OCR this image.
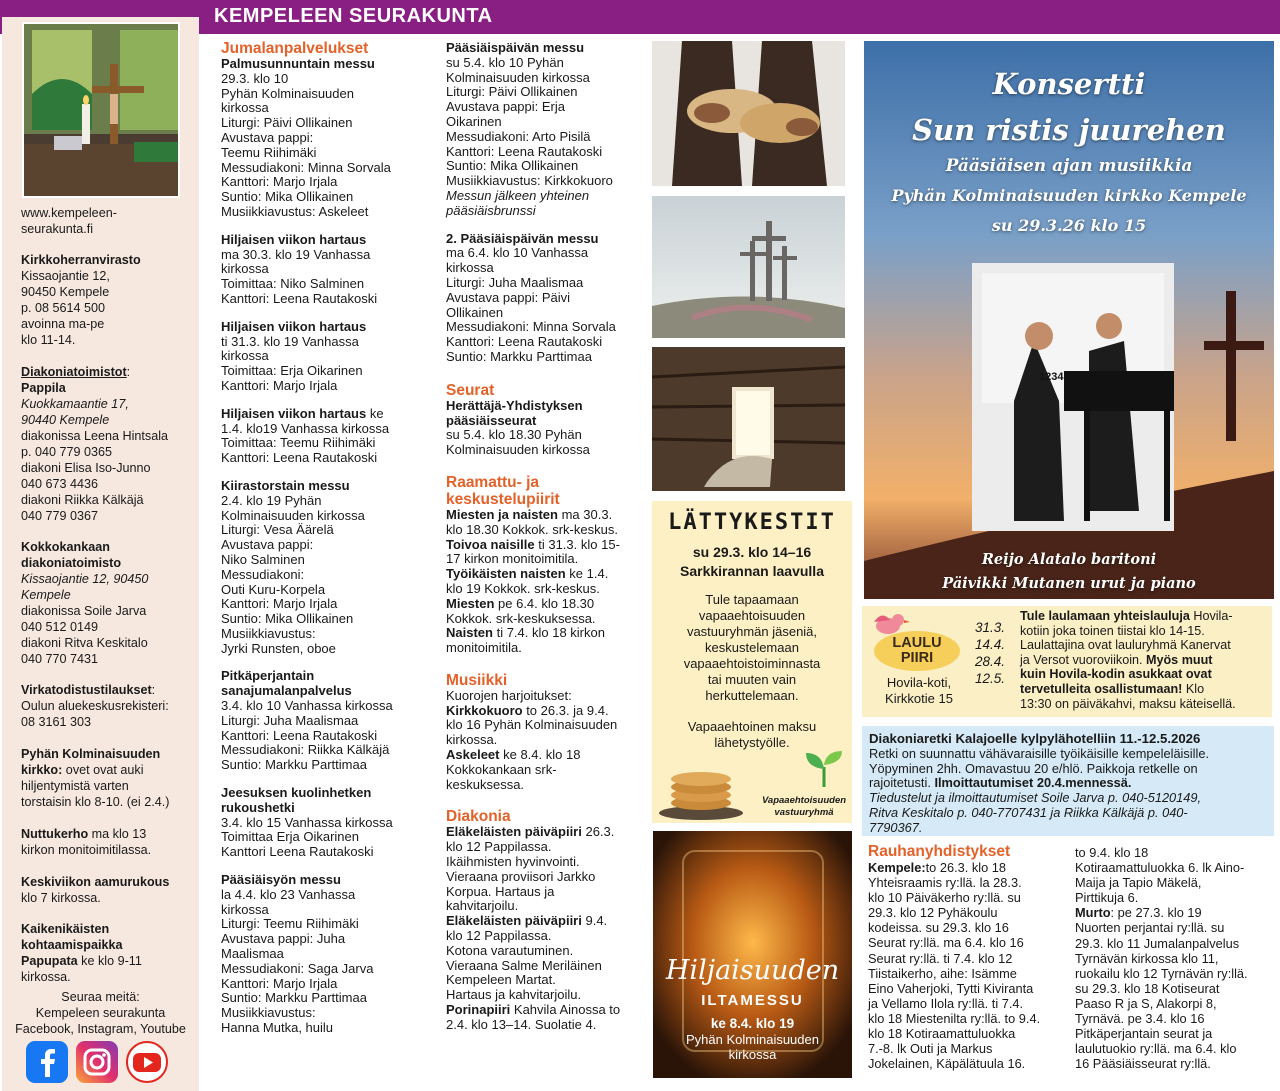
KEMPELEEN SEURAKUNTA
www.kempeleen-
seurakunta.fi
Kirkkoherranvirasto
Kissaojantie 12,
90450 Kempele
p. 08 5614 500
avoinna ma-pe
klo 11-14.
Diakoniatoimistot:
Pappila
Kuokkamaantie 17,
90440 Kempele
diakonissa Leena Hintsala
p. 040 779 0365
diakoni Elisa Iso-Junno
040 673 4436
diakoni Riikka Kälkäjä
040 779 0367
Kokkokankaan
diakoniatoimisto
Kissaojantie 12, 90450
Kempele
diakonissa Soile Jarva
040 512 0149
diakoni Ritva Keskitalo
040 770 7431
Virkatodistustilaukset:
Oulun aluekeskusrekisteri:
08 3161 303
Pyhän Kolminaisuuden
kirkko: ovet ovat auki
hiljentymistä varten
torstaisin klo 8-10. (ei 2.4.)
Nuttukerho ma klo 13
kirkon monitoimitilassa.
Keskiviikon aamurukous
klo 7 kirkossa.
Kaikenikäisten
kohtaamispaikka
Papupata ke klo 9-11
kirkossa.
Seuraa meitä:
Kempeleen seurakunta
Facebook, Instagram, Youtube
Jumalanpalvelukset
Palmusunnuntain messu
29.3. klo 10
Pyhän Kolminaisuuden
kirkossa
Liturgi: Päivi Ollikainen
Avustava pappi:
Teemu Riihimäki
Messudiakoni: Minna Sorvala
Kanttori: Marjo Irjala
Suntio: Mika Ollikainen
Musiikkiavustus: Askeleet
Hiljaisen viikon hartaus
ma 30.3. klo 19 Vanhassa
kirkossa
Toimittaa: Niko Salminen
Kanttori: Leena Rautakoski
Hiljaisen viikon hartaus
ti 31.3. klo 19 Vanhassa
kirkossa
Toimittaa: Erja Oikarinen
Kanttori: Marjo Irjala
Hiljaisen viikon hartaus ke
1.4. klo19 Vanhassa kirkossa
Toimittaa: Teemu Riihimäki
Kanttori: Leena Rautakoski
Kiirastorstain messu
2.4. klo 19 Pyhän
Kolminaisuuden kirkossa
Liturgi: Vesa Äärelä
Avustava pappi:
Niko Salminen
Messudiakoni:
Outi Kuru-Korpela
Kanttori: Marjo Irjala
Suntio: Mika Ollikainen
Musiikkiavustus:
Jyrki Runsten, oboe
Pitkäperjantain
sanajumalanpalvelus
3.4. klo 10 Vanhassa kirkossa
Liturgi: Juha Maalismaa
Kanttori: Leena Rautakoski
Messudiakoni: Riikka Kälkäjä
Suntio: Markku Parttimaa
Jeesuksen kuolinhetken
rukoushetki
3.4. klo 15 Vanhassa kirkossa
Toimittaa Erja Oikarinen
Kanttori Leena Rautakoski
Pääsiäisyön messu
la 4.4. klo 23 Vanhassa
kirkossa
Liturgi: Teemu Riihimäki
Avustava pappi: Juha
Maalismaa
Messudiakoni: Saga Jarva
Kanttori: Marjo Irjala
Suntio: Markku Parttimaa
Musiikkiavustus:
Hanna Mutka, huilu
Pääsiäispäivän messu
su 5.4. klo 10 Pyhän
Kolminaisuuden kirkossa
Liturgi: Päivi Ollikainen
Avustava pappi: Erja
Oikarinen
Messudiakoni: Arto Pisilä
Kanttori: Leena Rautakoski
Suntio: Mika Ollikainen
Musiikkiavustus: Kirkkokuoro
Messun jälkeen yhteinen
pääsiäisbrunssi
2. Pääsiäispäivän messu
ma 6.4. klo 10 Vanhassa
kirkossa
Liturgi: Juha Maalismaa
Avustava pappi: Päivi
Ollikainen
Messudiakoni: Minna Sorvala
Kanttori: Leena Rautakoski
Suntio: Markku Parttimaa
Seurat
Herättäjä-Yhdistyksen
pääsiäisseurat
su 5.4. klo 18.30 Pyhän
Kolminaisuuden kirkossa
Raamattu- ja
keskustelupiirit
Miesten ja naisten ma 30.3.
klo 18.30 Kokkok. srk-keskus.
Toivoa naisille ti 31.3. klo 15-
17 kirkon monitoimitila.
Työikäisten naisten ke 1.4.
klo 19 Kokkok. srk-keskus.
Miesten pe 6.4. klo 18.30
Kokkok. srk-keskuksessa.
Naisten ti 7.4. klo 18 kirkon
monitoimitila.
Musiikki
Kuorojen harjoitukset:
Kirkkokuoro to 26.3. ja 9.4.
klo 16 Pyhän Kolminaisuuden
kirkossa.
Askeleet ke 8.4. klo 18
Kokkokankaan srk-
keskuksessa.
Diakonia
Eläkeläisten päiväpiiri 26.3.
klo 12 Pappilassa.
Ikäihmisten hyvinvointi.
Vieraana proviisori Jarkko
Korpua. Hartaus ja
kahvitarjoilu.
Eläkeläisten päiväpiiri 9.4.
klo 12 Pappilassa.
Kotona varautuminen.
Vieraana Salme Meriläinen
Kempeleen Martat.
Hartaus ja kahvitarjoilu.
Porinapiiri Kahvila Ainossa to
2.4. klo 13–14. Suolatie 4.
LÄTTYKESTIT
su 29.3. klo 14–16
Sarkkirannan laavulla
Tule tapaamaan
vapaaehtoisuuden
vastuuryhmän jäseniä,
keskustelemaan
vapaaehtoistoiminnasta
tai muuten vain
herkuttelemaan.
Vapaaehtoinen maksu
lähetystyölle.
Vapaaehtoisuuden
vastuuryhmä
Hiljaisuuden
ILTAMESSU
ke 8.4. klo 19
Pyhän Kolminaisuuden
kirkossa
Konsertti
Sun ristis juurehen
Pääsiäisen ajan musiikkia
Pyhän Kolminaisuuden kirkko Kempele
su 29.3.26 klo 15
123456
Reijo Alatalo baritoni
Päivikki Mutanen urut ja piano
LAULU
PIIRI
Hovila-koti,
Kirkkotie 15
31.3.
14.4.
28.4.
12.5.
Tule laulamaan yhteislauluja Hovila-
kotiin joka toinen tiistai klo 14-15.
Laulattajina ovat lauluryhmä Kanervat
ja Versot vuoroviikoin. Myös muut
kuin Hovila-kodin asukkaat ovat
tervetulleita osallistumaan! Klo
13:30 on päiväkahvi, maksu käteisellä.
Diakoniaretki Kalajoelle kylpylähotelliin 11.-12.5.2026
Retki on suunnattu vähävaraisille työikäisille kempeleläisille.
Yöpyminen 2hh. Omavastuu 20 e/hlö. Paikkoja retkelle on
rajoitetusti. Ilmoittautumiset 20.4.mennessä.
Tiedustelut ja ilmoittautumiset Soile Jarva p. 040-5120149,
Ritva Keskitalo p. 040-7707431 ja Riikka Kälkäjä p. 040-
7790367.
Rauhanyhdistykset
Kempele:to 26.3. klo 18
Yhteisraamis ry:llä. la 28.3.
klo 10 Päiväkerho ry:llä. su
29.3. klo 12 Pyhäkoulu
kodeissa. su 29.3. klo 16
Seurat ry:llä. ma 6.4. klo 16
Seurat ry:llä. ti 7.4. klo 12
Tiistaikerho, aihe: Isämme
Eino Vaherjoki, Tytti Kiviranta
ja Vellamo Ilola ry:llä. ti 7.4.
klo 18 Miestenilta ry:llä. to 9.4.
klo 18 Kotiraamattuluokka
7.-8. lk Outi ja Markus
Jokelainen, Käpälätuula 16.
to 9.4. klo 18
Kotiraamattuluokka 6. lk Aino-
Maija ja Tapio Mäkelä,
Pirttikuja 6.
Murto: pe 27.3. klo 19
Nuorten perjantai ry:llä. su
29.3. klo 11 Jumalanpalvelus
Tyrnävän kirkossa klo 11,
ruokailu klo 12 Tyrnävän ry:llä.
su 29.3. klo 18 Kotiseurat
Paaso R ja S, Alakorpi 8,
Tyrnävä. pe 3.4. klo 16
Pitkäperjantain seurat ja
laulutuokio ry:llä. ma 6.4. klo
16 Pääsiäisseurat ry:llä.
